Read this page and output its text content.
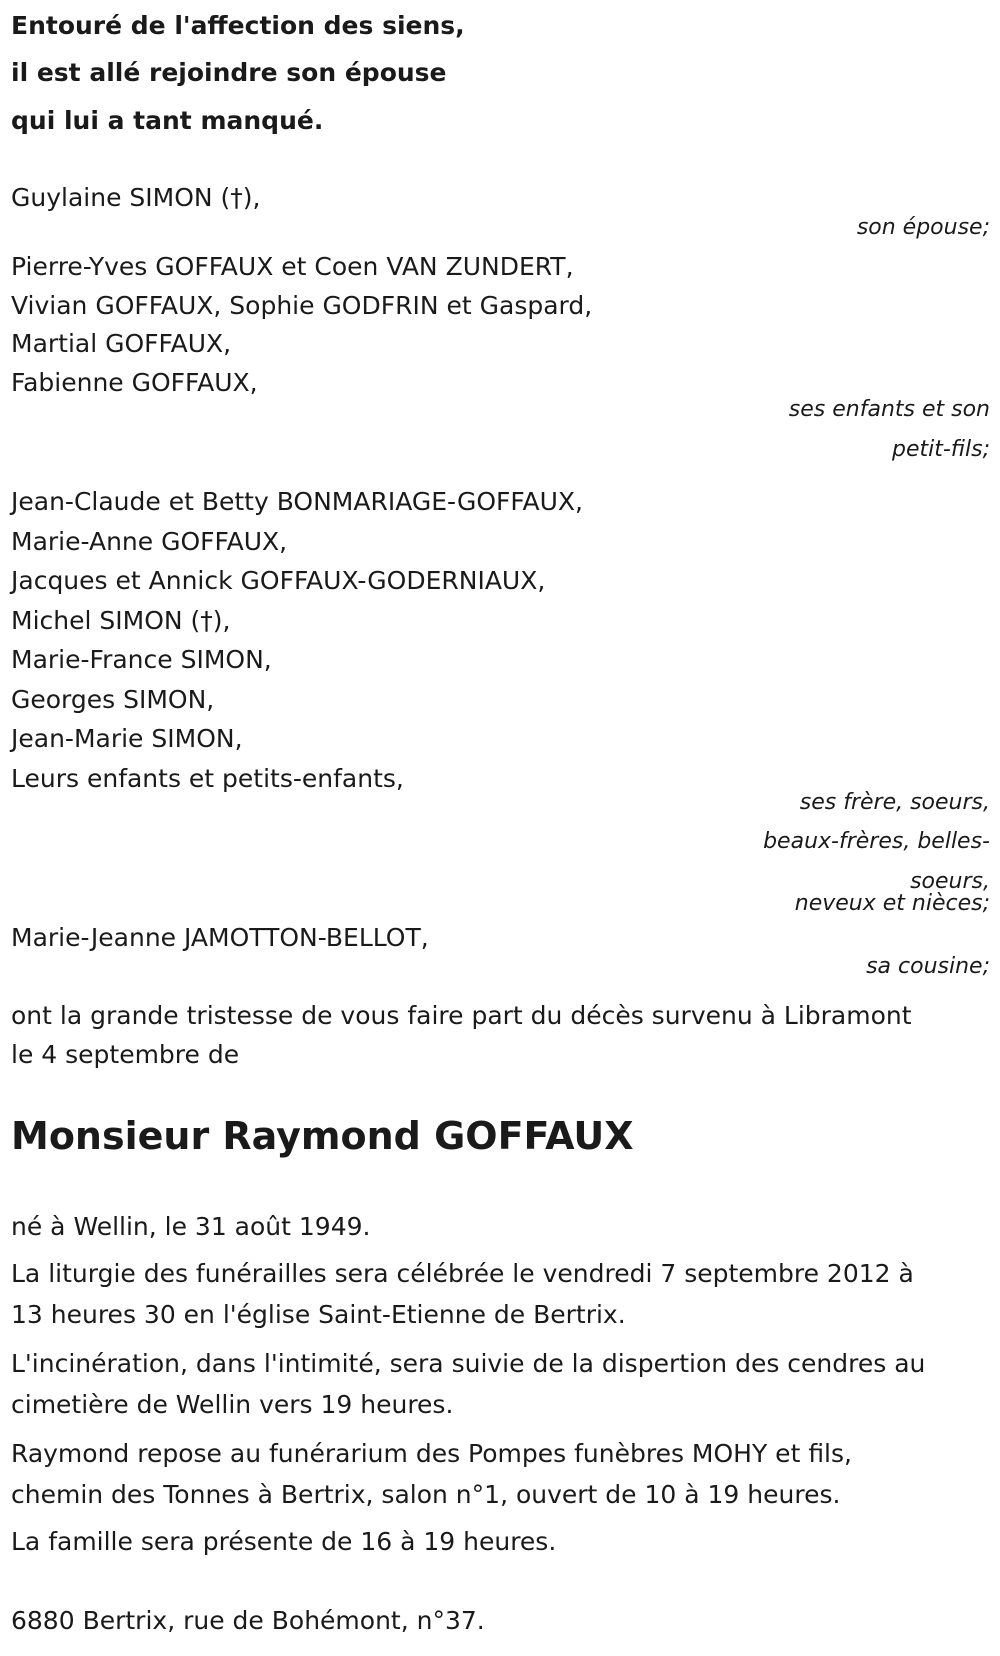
Entouré de l'affection des siens,
il est allé rejoindre son épouse
qui lui a tant manqué.
Guylaine SIMON (†),
son épouse;
Pierre-Yves GOFFAUX et Coen VAN ZUNDERT,
Vivian GOFFAUX, Sophie GODFRIN et Gaspard,
Martial GOFFAUX,
Fabienne GOFFAUX,
ses enfants et son
petit-fils;
Jean-Claude et Betty BONMARIAGE-GOFFAUX,
Marie-Anne GOFFAUX,
Jacques et Annick GOFFAUX-GODERNIAUX,
Michel SIMON (†),
Marie-France SIMON,
Georges SIMON,
Jean-Marie SIMON,
Leurs enfants et petits-enfants,
ses frère, soeurs,
beaux-frères, belles-
soeurs,
neveux et nièces;
Marie-Jeanne JAMOTTON-BELLOT,
sa cousine;
ont la grande tristesse de vous faire part du décès survenu à Libramont
le 4 septembre de
Monsieur Raymond GOFFAUX
né à Wellin, le 31 août 1949.
La liturgie des funérailles sera célébrée le vendredi 7 septembre 2012 à
13 heures 30 en l'église Saint-Etienne de Bertrix.
L'incinération, dans l'intimité, sera suivie de la dispertion des cendres au
cimetière de Wellin vers 19 heures.
Raymond repose au funérarium des Pompes funèbres MOHY et fils,
chemin des Tonnes à Bertrix, salon n°1, ouvert de 10 à 19 heures.
La famille sera présente de 16 à 19 heures.
6880 Bertrix, rue de Bohémont, n°37.
